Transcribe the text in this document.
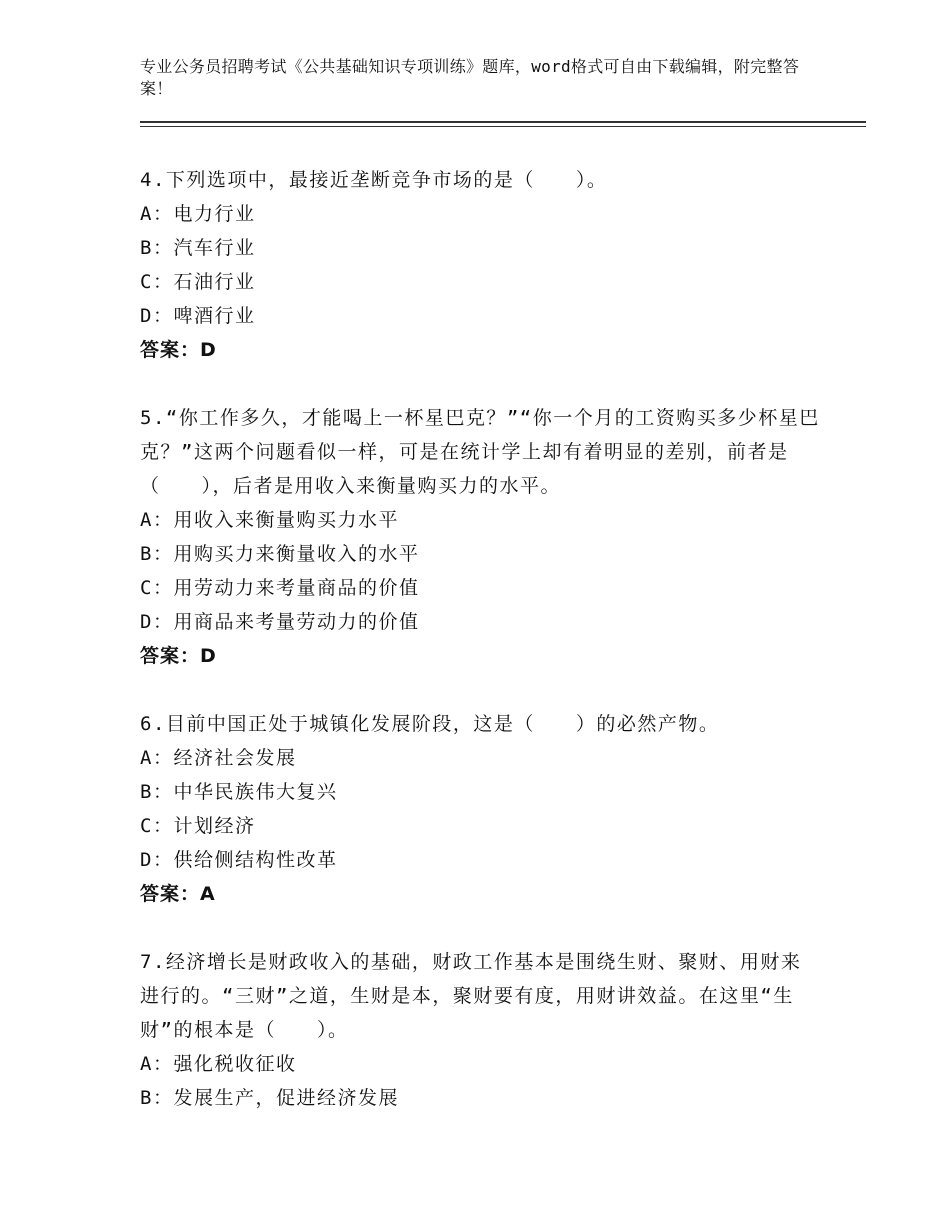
专业公务员招聘考试《公共基础知识专项训练》题库，word格式可自由下载编辑，附完整答案！

4.下列选项中，最接近垄断竞争市场的是（　　）。

A：电力行业

B：汽车行业

C：石油行业

D：啤酒行业

答案：D

5.“你工作多久，才能喝上一杯星巴克？”“你一个月的工资购买多少杯星巴克？”这两个问题看似一样，可是在统计学上却有着明显的差别，前者是（　　），后者是用收入来衡量购买力的水平。

A：用收入来衡量购买力水平

B：用购买力来衡量收入的水平

C：用劳动力来考量商品的价值

D：用商品来考量劳动力的价值

答案：D

6.目前中国正处于城镇化发展阶段，这是（　　）的必然产物。

A：经济社会发展

B：中华民族伟大复兴

C：计划经济

D：供给侧结构性改革

答案：A

7.经济增长是财政收入的基础，财政工作基本是围绕生财、聚财、用财来进行的。“三财”之道，生财是本，聚财要有度，用财讲效益。在这里“生财”的根本是（　　）。

A：强化税收征收

B：发展生产，促进经济发展
